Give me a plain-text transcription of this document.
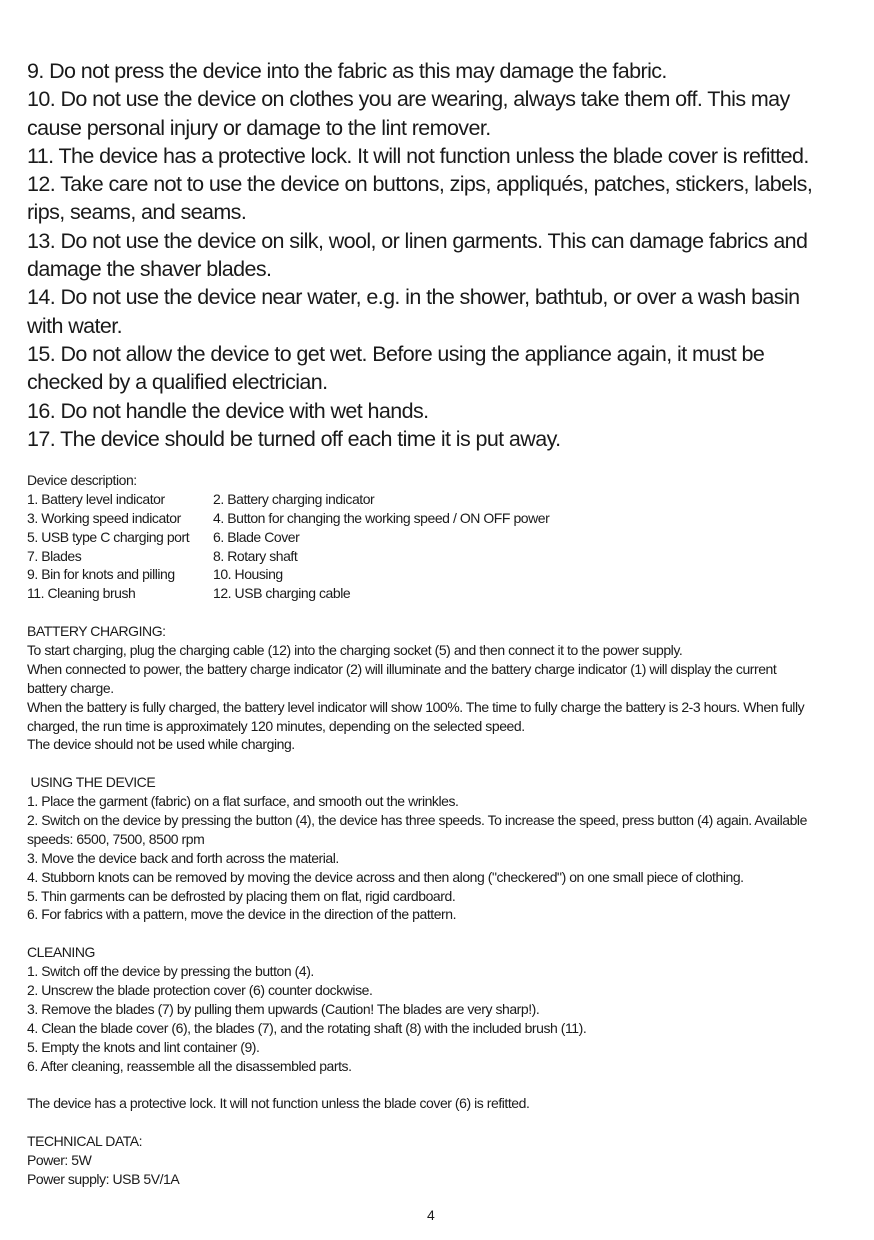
9. Do not press the device into the fabric as this may damage the fabric.
10. Do not use the device on clothes you are wearing, always take them off. This may
cause personal injury or damage to the lint remover.
11. The device has a protective lock. It will not function unless the blade cover is refitted.
12. Take care not to use the device on buttons, zips, appliqués, patches, stickers, labels,
rips, seams, and seams.
13. Do not use the device on silk, wool, or linen garments. This can damage fabrics and
damage the shaver blades.
14. Do not use the device near water, e.g. in the shower, bathtub, or over a wash basin
with water.
15. Do not allow the device to get wet. Before using the appliance again, it must be
checked by a qualified electrician.
16. Do not handle the device with wet hands.
17. The device should be turned off each time it is put away.
Device description:
1. Battery level indicator	2. Battery charging indicator
3. Working speed indicator 4. Button for changing the working speed / ON OFF power
5. USB type C charging port 6. Blade Cover
7. Blades	8. Rotary shaft
9. Bin for knots and pilling	10. Housing
11. Cleaning brush	12. USB charging cable
BATTERY CHARGING:
To start charging, plug the charging cable (12) into the charging socket (5) and then connect it to the power supply.
When connected to power, the battery charge indicator (2) will illuminate and the battery charge indicator (1) will display the current
battery charge.
When the battery is fully charged, the battery level indicator will show 100%. The time to fully charge the battery is 2-3 hours. When fully
charged, the run time is approximately 120 minutes, depending on the selected speed.
The device should not be used while charging.
USING THE DEVICE
1. Place the garment (fabric) on a flat surface, and smooth out the wrinkles.
2. Switch on the device by pressing the button (4), the device has three speeds. To increase the speed, press button (4) again. Available
speeds: 6500, 7500, 8500 rpm
3. Move the device back and forth across the material.
4. Stubborn knots can be removed by moving the device across and then along ("checkered") on one small piece of clothing.
5. Thin garments can be defrosted by placing them on flat, rigid cardboard.
6. For fabrics with a pattern, move the device in the direction of the pattern.
CLEANING
1. Switch off the device by pressing the button (4).
2. Unscrew the blade protection cover (6) counter dockwise.
3. Remove the blades (7) by pulling them upwards (Caution! The blades are very sharp!).
4. Clean the blade cover (6), the blades (7), and the rotating shaft (8) with the included brush (11).
5. Empty the knots and lint container (9).
6. After cleaning, reassemble all the disassembled parts.
The device has a protective lock. It will not function unless the blade cover (6) is refitted.
TECHNICAL DATA:
Power: 5W
Power supply: USB 5V/1A
4
